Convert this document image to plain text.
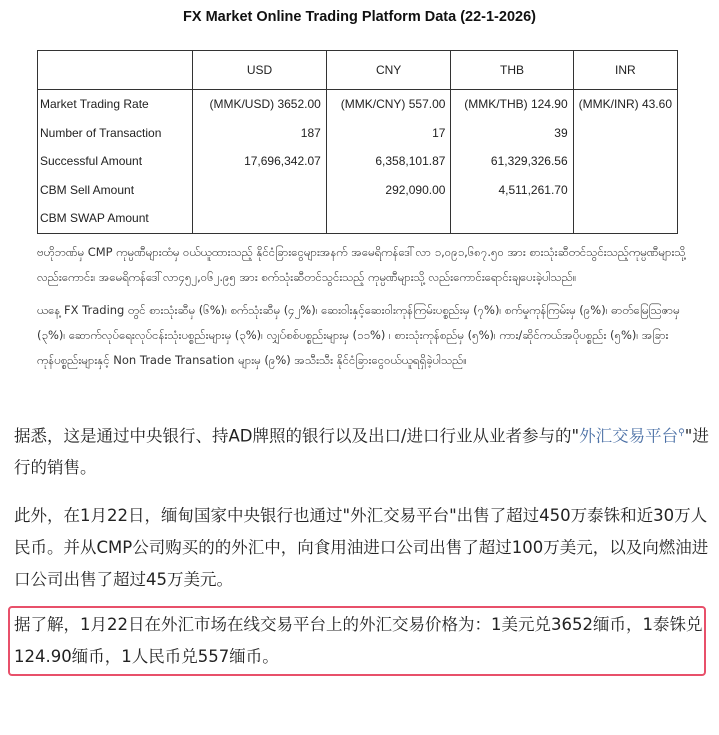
FX Market Online Trading Platform Data (22-1-2026)
	USD	CNY	THB	INR
Market Trading Rate	(MMK/USD) 3652.00	(MMK/CNY) 557.00	(MMK/THB) 124.90	(MMK/INR) 43.60
Number of Transaction	187	17	39	
Successful Amount	17,696,342.07	6,358,101.87	61,329,326.56	
CBM Sell Amount		292,090.00	4,511,261.70	
CBM SWAP Amount				
ဗဟိုဘဏ်မှ CMP ကုမ္ပဏီများထံမှ ဝယ်ယူထားသည့် နိုင်ငံခြားငွေများအနက် အမေရိကန်ဒေါ်လာ ၁,၀၉၁,၆၈၇.၅၀ အား စားသုံးဆီတင်သွင်းသည့်ကုမ္ပဏီများသို့လည်းကောင်း၊ အမေရိကန်ဒေါ်လာ၄၅၂,၀၆၂.၉၅ အား စက်သုံးဆီတင်သွင်းသည့် ကုမ္ပဏီများသို့ လည်းကောင်းရောင်းချပေးခဲ့ပါသည်။
ယနေ့ FX Trading တွင် စားသုံးဆီမှ (၆%)၊ စက်သုံးဆီမှ (၄၂%)၊ ဆေးဝါးနှင့်ဆေးဝါးကုန်ကြမ်းပစ္စည်းမှ (၇%)၊ စက်မှုကုန်ကြမ်းမှ (၉%)၊ ဓာတ်မြေဩဇာမှ (၃%)၊ ဆောက်လုပ်ရေးလုပ်ငန်းသုံးပစ္စည်းများမှ (၃%)၊ လျှပ်စစ်ပစ္စည်းများမှ (၁၁%) ၊ စားသုံးကုန်စည်မှ (၅%)၊ ကား/ဆိုင်ကယ်အပိုပစ္စည်း (၅%)၊ အခြားကုန်ပစ္စည်းများနှင့် Non Trade Transation များမှ (၉%) အသီးသီး နိုင်ငံခြားငွေဝယ်ယူရရှိခဲ့ပါသည်။
据悉，这是通过中央银行、持AD牌照的银行以及出口/进口行业从业者参与的"外汇交易平台⚲"进行的销售。
此外，在1月22日，缅甸国家中央银行也通过"外汇交易平台"出售了超过450万泰铢和近30万人民币。并从CMP公司购买的的外汇中，向食用油进口公司出售了超过100万美元，以及向燃油进口公司出售了超过45万美元。
据了解，1月22日在外汇市场在线交易平台上的外汇交易价格为：1美元兑3652缅币，1泰铢兑124.90缅币，1人民币兑557缅币。
